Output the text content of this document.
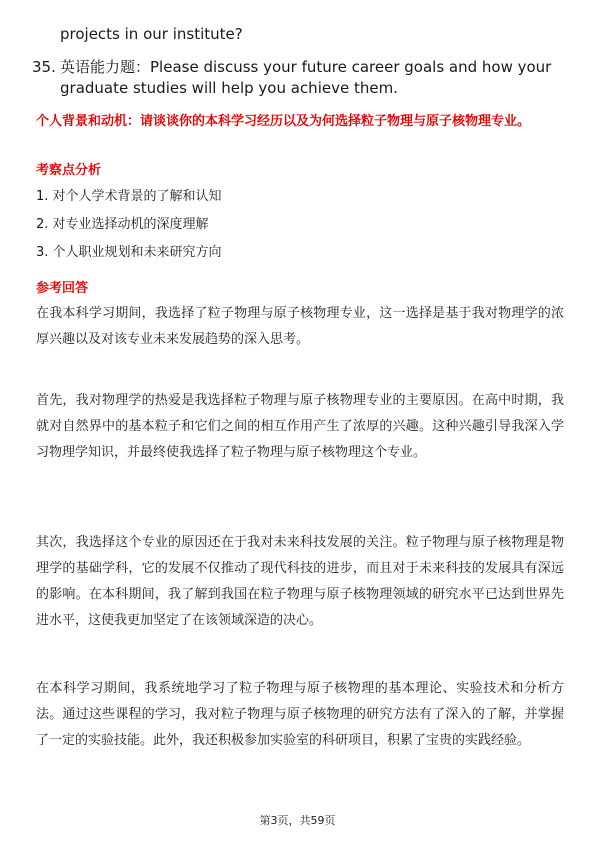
projects in our institute?
35. 英语能力题：Please discuss your future career goals and how your graduate studies will help you achieve them.
个人背景和动机：请谈谈你的本科学习经历以及为何选择粒子物理与原子核物理专业。
考察点分析
1. 对个人学术背景的了解和认知
2. 对专业选择动机的深度理解
3. 个人职业规划和未来研究方向
参考回答
在我本科学习期间，我选择了粒子物理与原子核物理专业，这一选择是基于我对物理学的浓厚兴趣以及对该专业未来发展趋势的深入思考。
首先，我对物理学的热爱是我选择粒子物理与原子核物理专业的主要原因。在高中时期，我就对自然界中的基本粒子和它们之间的相互作用产生了浓厚的兴趣。这种兴趣引导我深入学习物理学知识，并最终使我选择了粒子物理与原子核物理这个专业。
其次，我选择这个专业的原因还在于我对未来科技发展的关注。粒子物理与原子核物理是物理学的基础学科，它的发展不仅推动了现代科技的进步，而且对于未来科技的发展具有深远的影响。在本科期间，我了解到我国在粒子物理与原子核物理领域的研究水平已达到世界先进水平，这使我更加坚定了在该领域深造的决心。
在本科学习期间，我系统地学习了粒子物理与原子核物理的基本理论、实验技术和分析方法。通过这些课程的学习，我对粒子物理与原子核物理的研究方法有了深入的了解，并掌握了一定的实验技能。此外，我还积极参加实验室的科研项目，积累了宝贵的实践经验。
第3页，共59页
